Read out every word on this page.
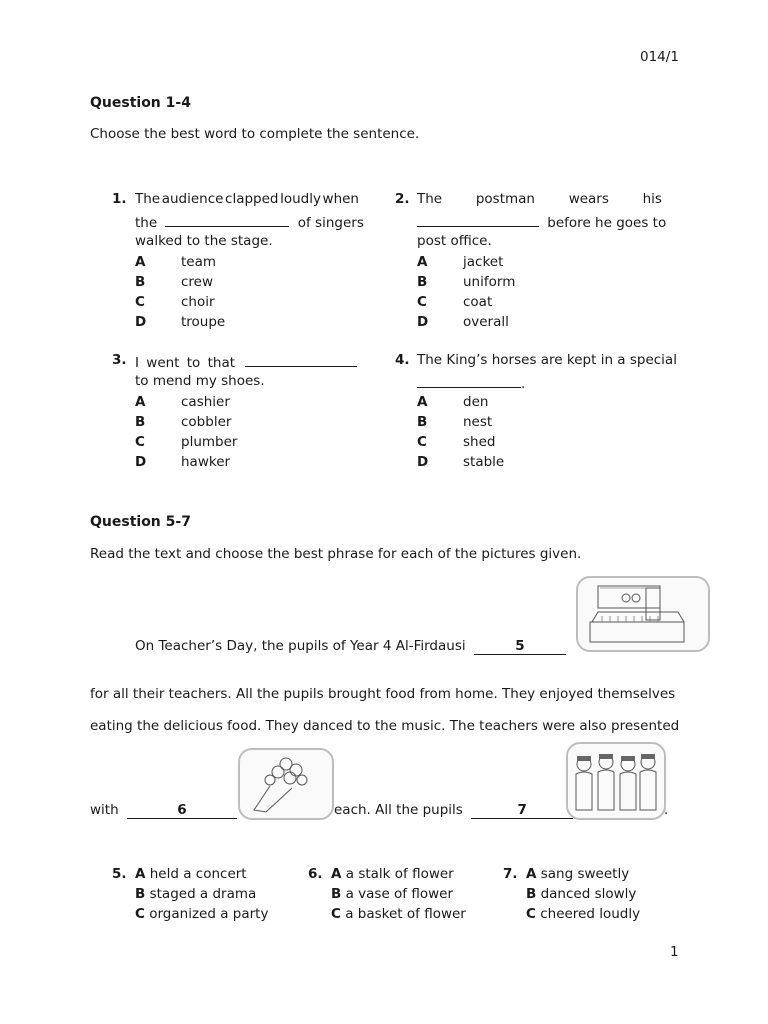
014/1
Question 1-4
Choose the best word to complete the sentence.
1. The audience clapped loudly when
the	of singers
walked to the stage.
A	team
B	crew
C	choir
D	troupe
2. The postman wears his
before he goes to
post office.
A	jacket
B	uniform
C	coat
D	overall
3. I went to that
to mend my shoes.
A	cashier
B	cobbler
C	plumber
D	hawker
4. The King’s horses are kept in a special
.
A	den
B	nest
C	shed
D	stable
Question 5-7
Read the text and choose the best phrase for each of the pictures given.
On Teacher’s Day, the pupils of Year 4 Al-Firdausi	5
for all their teachers. All the pupils brought food from home. They enjoyed themselves
eating the delicious food. They danced to the music. The teachers were also presented
with	6	each. All the pupils	7	.
5. A held a concert
B staged a drama
C organized a party
6. A a stalk of flower
B a vase of flower
C a basket of flower
7. A sang sweetly
B danced slowly
C cheered loudly
1
